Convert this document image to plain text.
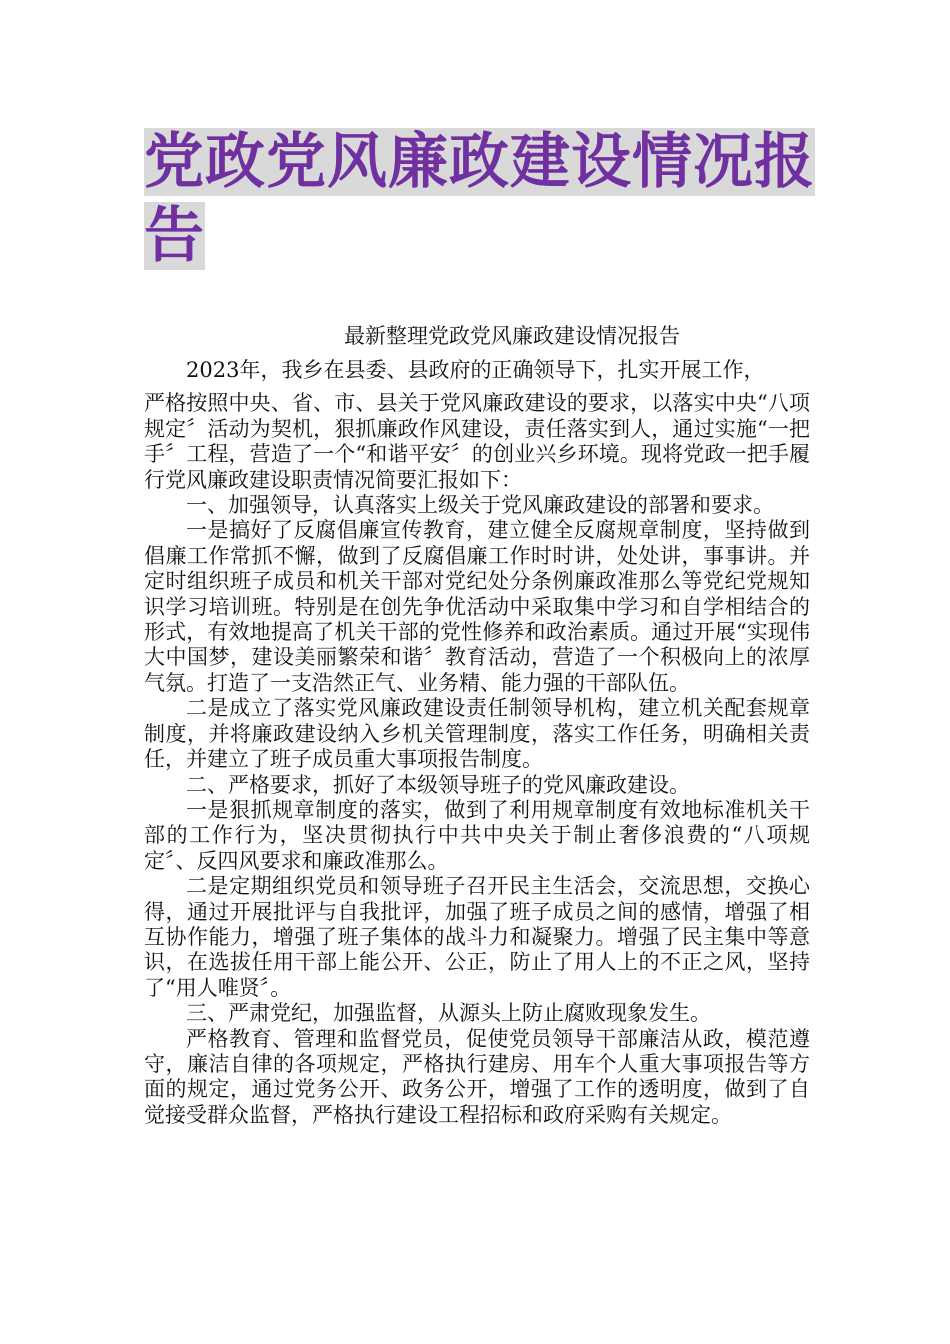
党政党风廉政建设情况报
告
最新整理党政党风廉政建设情况报告

2023年，我乡在县委、县政府的正确领导下，扎实开展工作，

严格按照中央、省、市、县关于党风廉政建设的要求，以落实中央“八项规定〞活动为契机，狠抓廉政作风建设，责任落实到人，通过实施“一把手〞工程，营造了一个“和谐平安〞的创业兴乡环境。现将党政一把手履行党风廉政建设职责情况简要汇报如下：

一、加强领导，认真落实上级关于党风廉政建设的部署和要求。

一是搞好了反腐倡廉宣传教育，建立健全反腐规章制度，坚持做到倡廉工作常抓不懈，做到了反腐倡廉工作时时讲，处处讲，事事讲。并定时组织班子成员和机关干部对党纪处分条例廉政准那么等党纪党规知识学习培训班。特别是在创先争优活动中采取集中学习和自学相结合的形式，有效地提高了机关干部的党性修养和政治素质。通过开展“实现伟大中国梦，建设美丽繁荣和谐〞教育活动，营造了一个积极向上的浓厚气氛。打造了一支浩然正气、业务精、能力强的干部队伍。

二是成立了落实党风廉政建设责任制领导机构，建立机关配套规章制度，并将廉政建设纳入乡机关管理制度，落实工作任务，明确相关责任，并建立了班子成员重大事项报告制度。

二、严格要求，抓好了本级领导班子的党风廉政建设。

一是狠抓规章制度的落实，做到了利用规章制度有效地标准机关干部的工作行为，坚决贯彻执行中共中央关于制止奢侈浪费的“八项规定〞、反四风要求和廉政准那么。

二是定期组织党员和领导班子召开民主生活会，交流思想，交换心得，通过开展批评与自我批评，加强了班子成员之间的感情，增强了相互协作能力，增强了班子集体的战斗力和凝聚力。增强了民主集中等意识，在选拔任用干部上能公开、公正，防止了用人上的不正之风，坚持了“用人唯贤〞。

三、严肃党纪，加强监督，从源头上防止腐败现象发生。

严格教育、管理和监督党员，促使党员领导干部廉洁从政，模范遵守，廉洁自律的各项规定，严格执行建房、用车个人重大事项报告等方面的规定，通过党务公开、政务公开，增强了工作的透明度，做到了自觉接受群众监督，严格执行建设工程招标和政府采购有关规定。
